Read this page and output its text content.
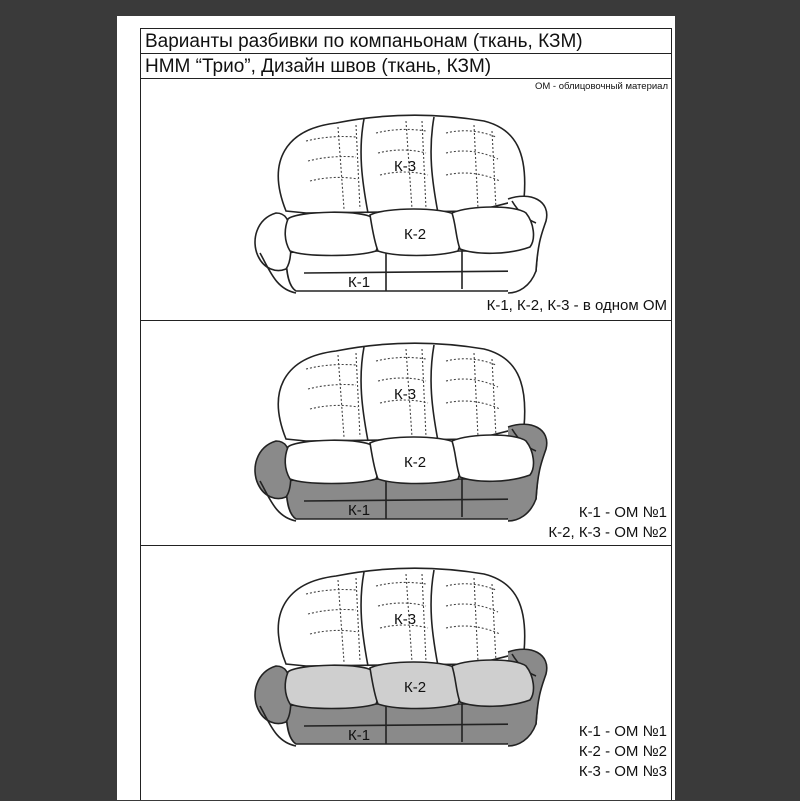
Варианты разбивки по компаньонам (ткань, КЗМ)
НММ “Трио”, Дизайн швов (ткань, КЗМ)
ОМ - облицовочный материал
К-3
К-2
К-1
К-1, К-2, К-3 - в одном ОМ
К-3
К-2
К-1	К-1 - ОМ №1
К-2, К-3 - ОМ №2
К-3
К-2
К-1	К-1 - ОМ №1
К-2 - ОМ №2
К-3 - ОМ №3
